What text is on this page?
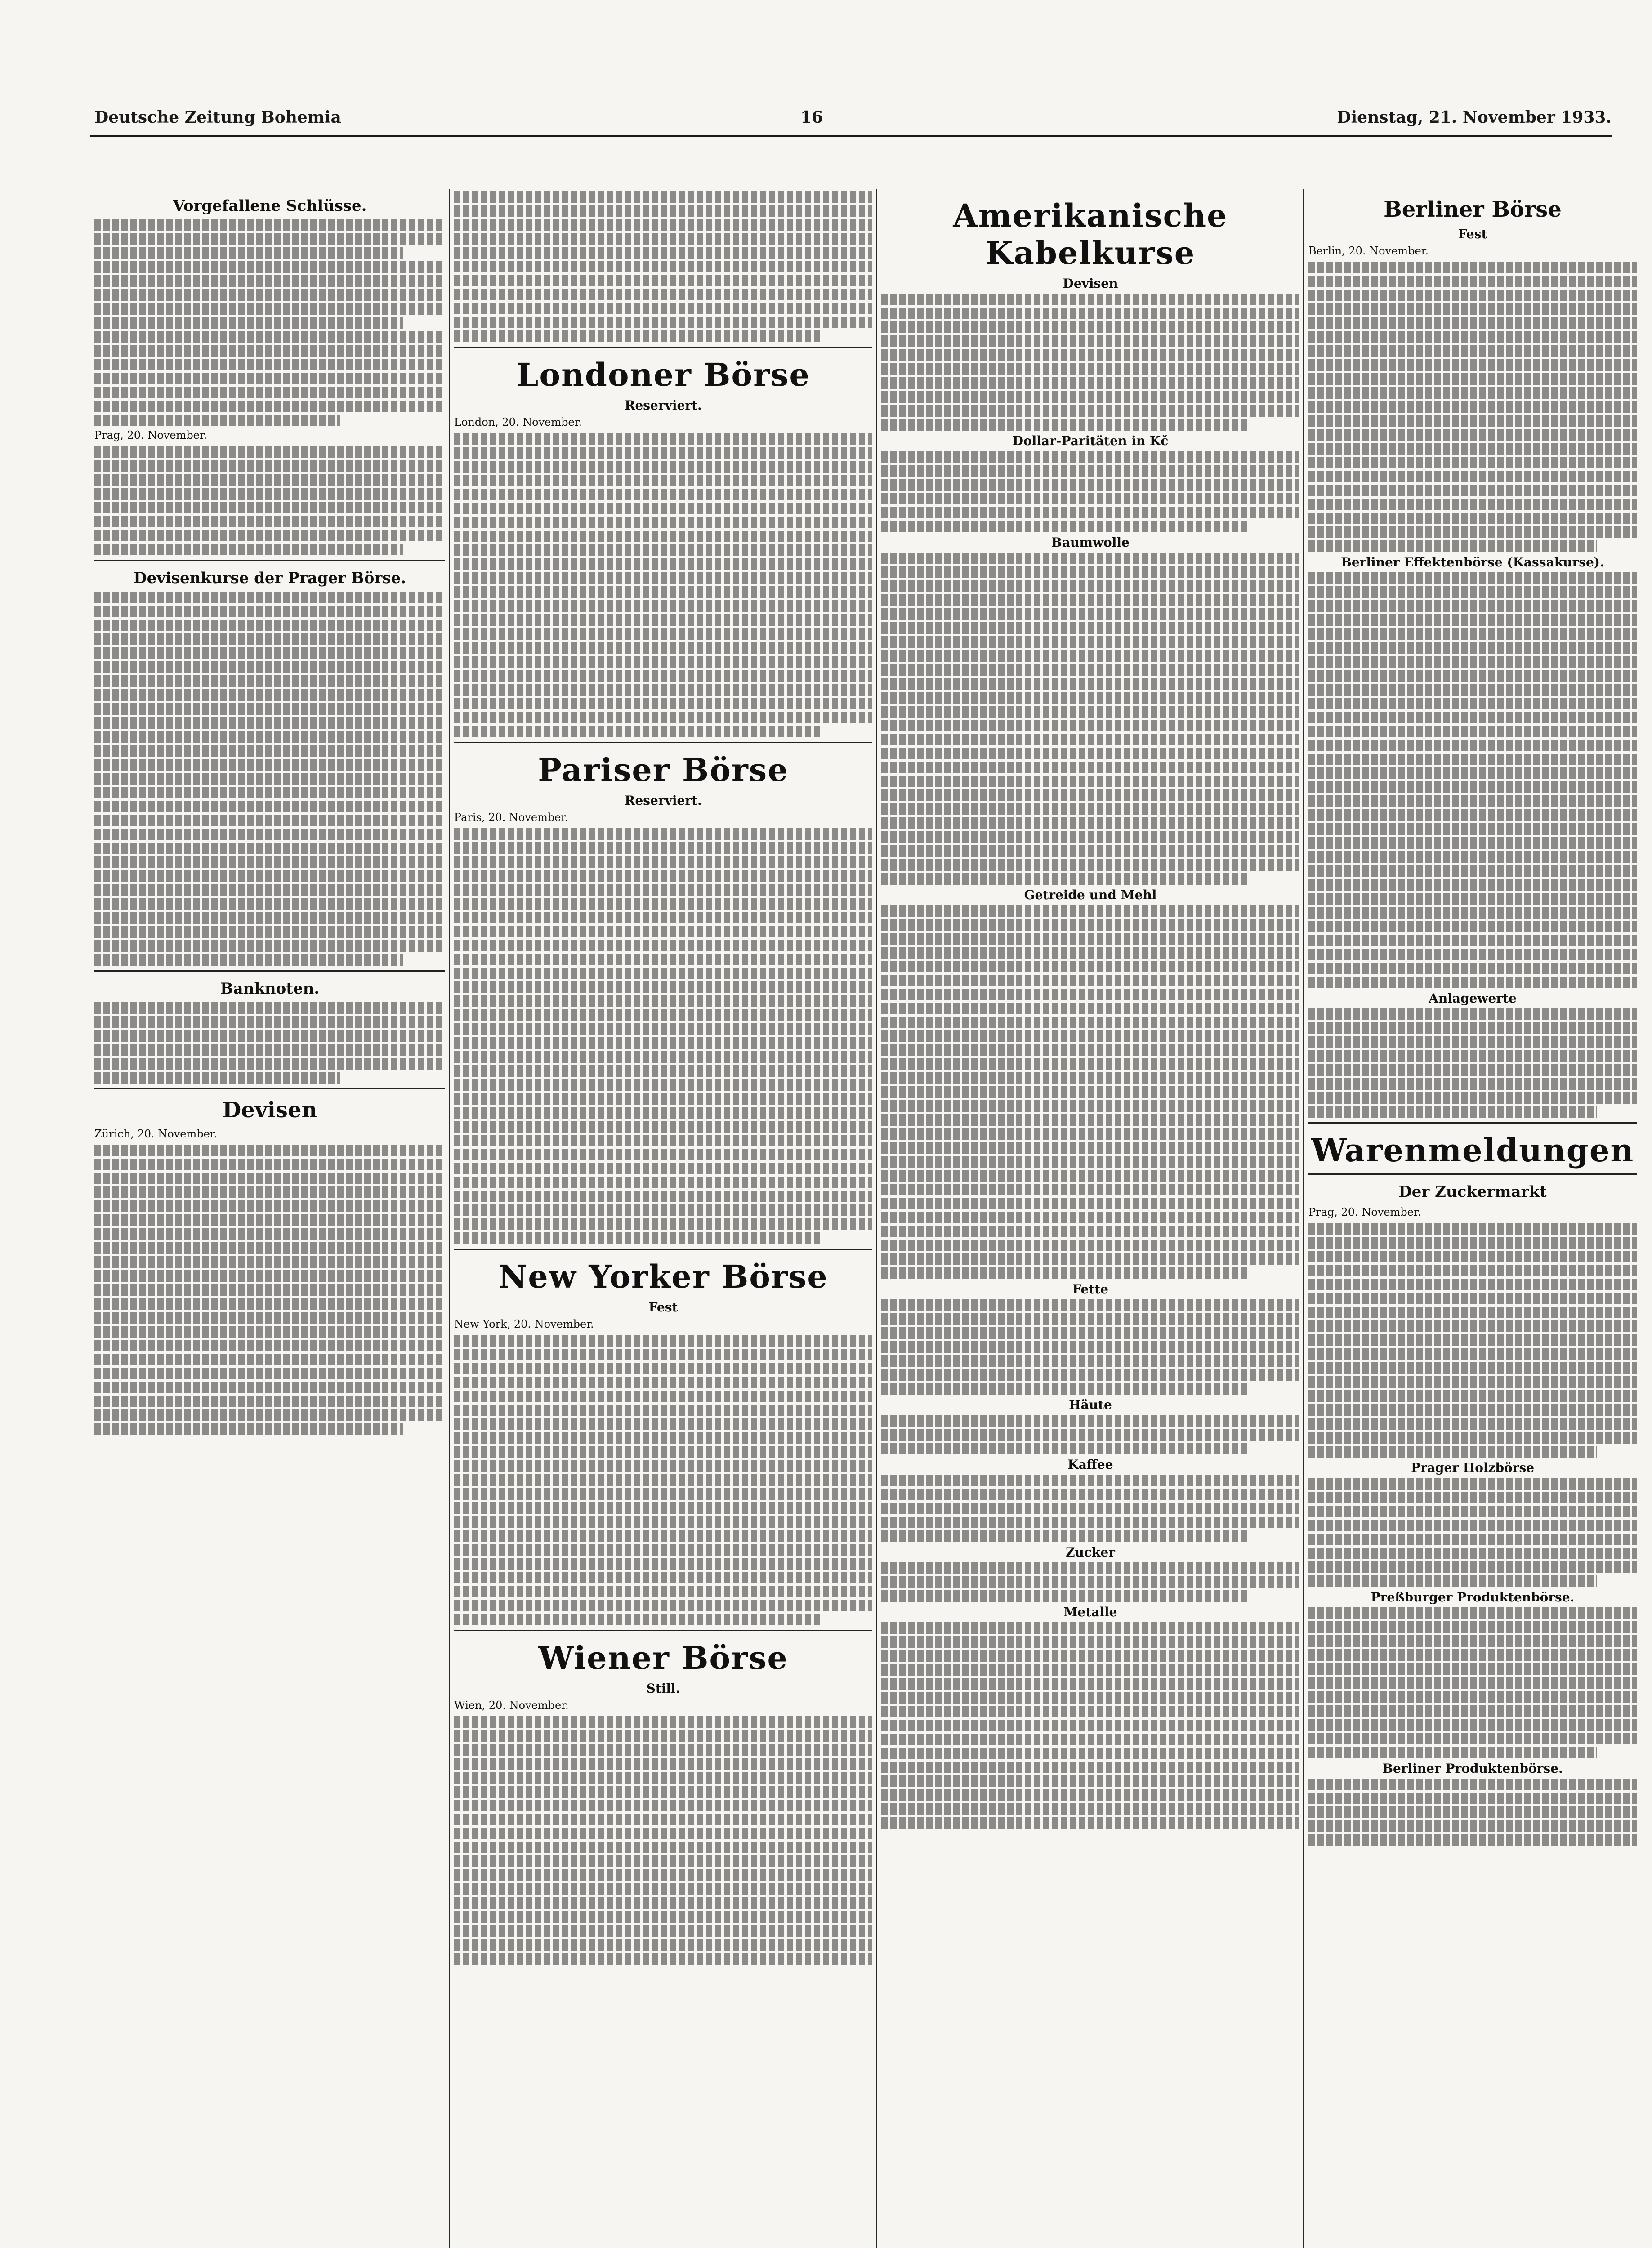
Deutsche Zeitung Bohemia	16	Dienstag, 21. November 1933.
Vorgefallene Schlüsse.
Prag, 20. November.
Devisenkurse der Prager Börse.
Banknoten.
Devisen
Zürich, 20. November.
Londoner Börse
Reserviert.
London, 20. November.
Pariser Börse
Reserviert.
Paris, 20. November.
New Yorker Börse
Fest
New York, 20. November.
Wiener Börse
Still.
Wien, 20. November.
Amerikanische Kabelkurse
Devisen
Dollar-Paritäten in Kč
Baumwolle
Getreide und Mehl
Fette
Häute
Kaffee
Zucker
Metalle
Berliner Börse
Fest
Berlin, 20. November.
Berliner Effektenbörse (Kassakurse).
Anlagewerte
Warenmeldungen
Der Zuckermarkt
Prag, 20. November.
Prager Holzbörse
Preßburger Produktenbörse.
Berliner Produktenbörse.
